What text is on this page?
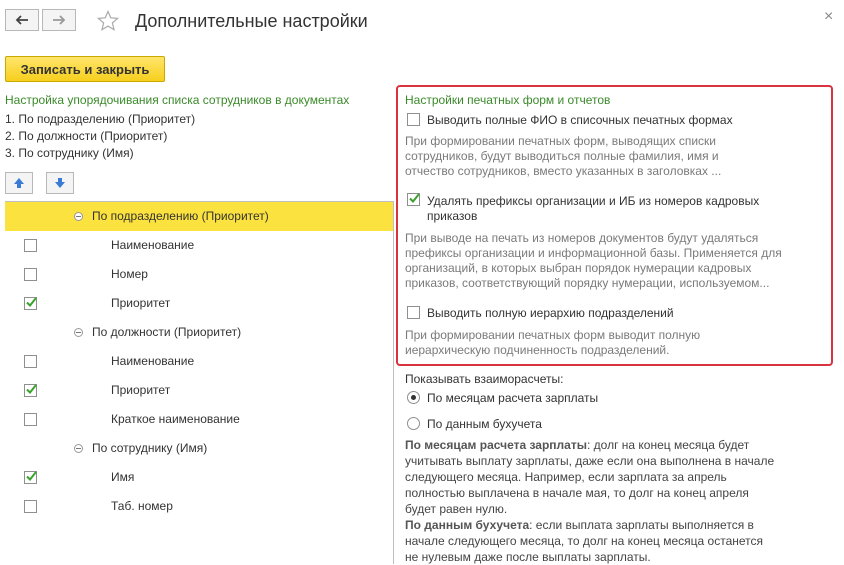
Дополнительные настройки	×
Записать и закрыть
Настройка упорядочивания списка сотрудников в документах
1. По подразделению (Приоритет)
2. По должности (Приоритет)
3. По сотруднику (Имя)
По подразделению (Приоритет)
Наименование
Номер
Приоритет
По должности (Приоритет)
Наименование
Приоритет
Краткое наименование
По сотруднику (Имя)
Имя
Таб. номер
Настройки печатных форм и отчетов
Выводить полные ФИО в списочных печатных формах
При формировании печатных форм, выводящих списки
сотрудников, будут выводиться полные фамилия, имя и
отчество сотрудников, вместо указанных в заголовках ...
Удалять префиксы организации и ИБ из номеров кадровых
приказов
При выводе на печать из номеров документов будут удаляться
префиксы организации и информационной базы. Применяется для
организаций, в которых выбран порядок нумерации кадровых
приказов, соответствующий порядку нумерации, используемом...
Выводить полную иерархию подразделений
При формировании печатных форм выводит полную
иерархическую подчиненность подразделений.
Показывать взаиморасчеты:
По месяцам расчета зарплаты
По данным бухучета
По месяцам расчета зарплаты: долг на конец месяца будет
учитывать выплату зарплаты, даже если она выполнена в начале
следующего месяца. Например, если зарплата за апрель
полностью выплачена в начале мая, то долг на конец апреля
будет равен нулю.
По данным бухучета: если выплата зарплаты выполняется в
начале следующего месяца, то долг на конец месяца останется
не нулевым даже после выплаты зарплаты.
